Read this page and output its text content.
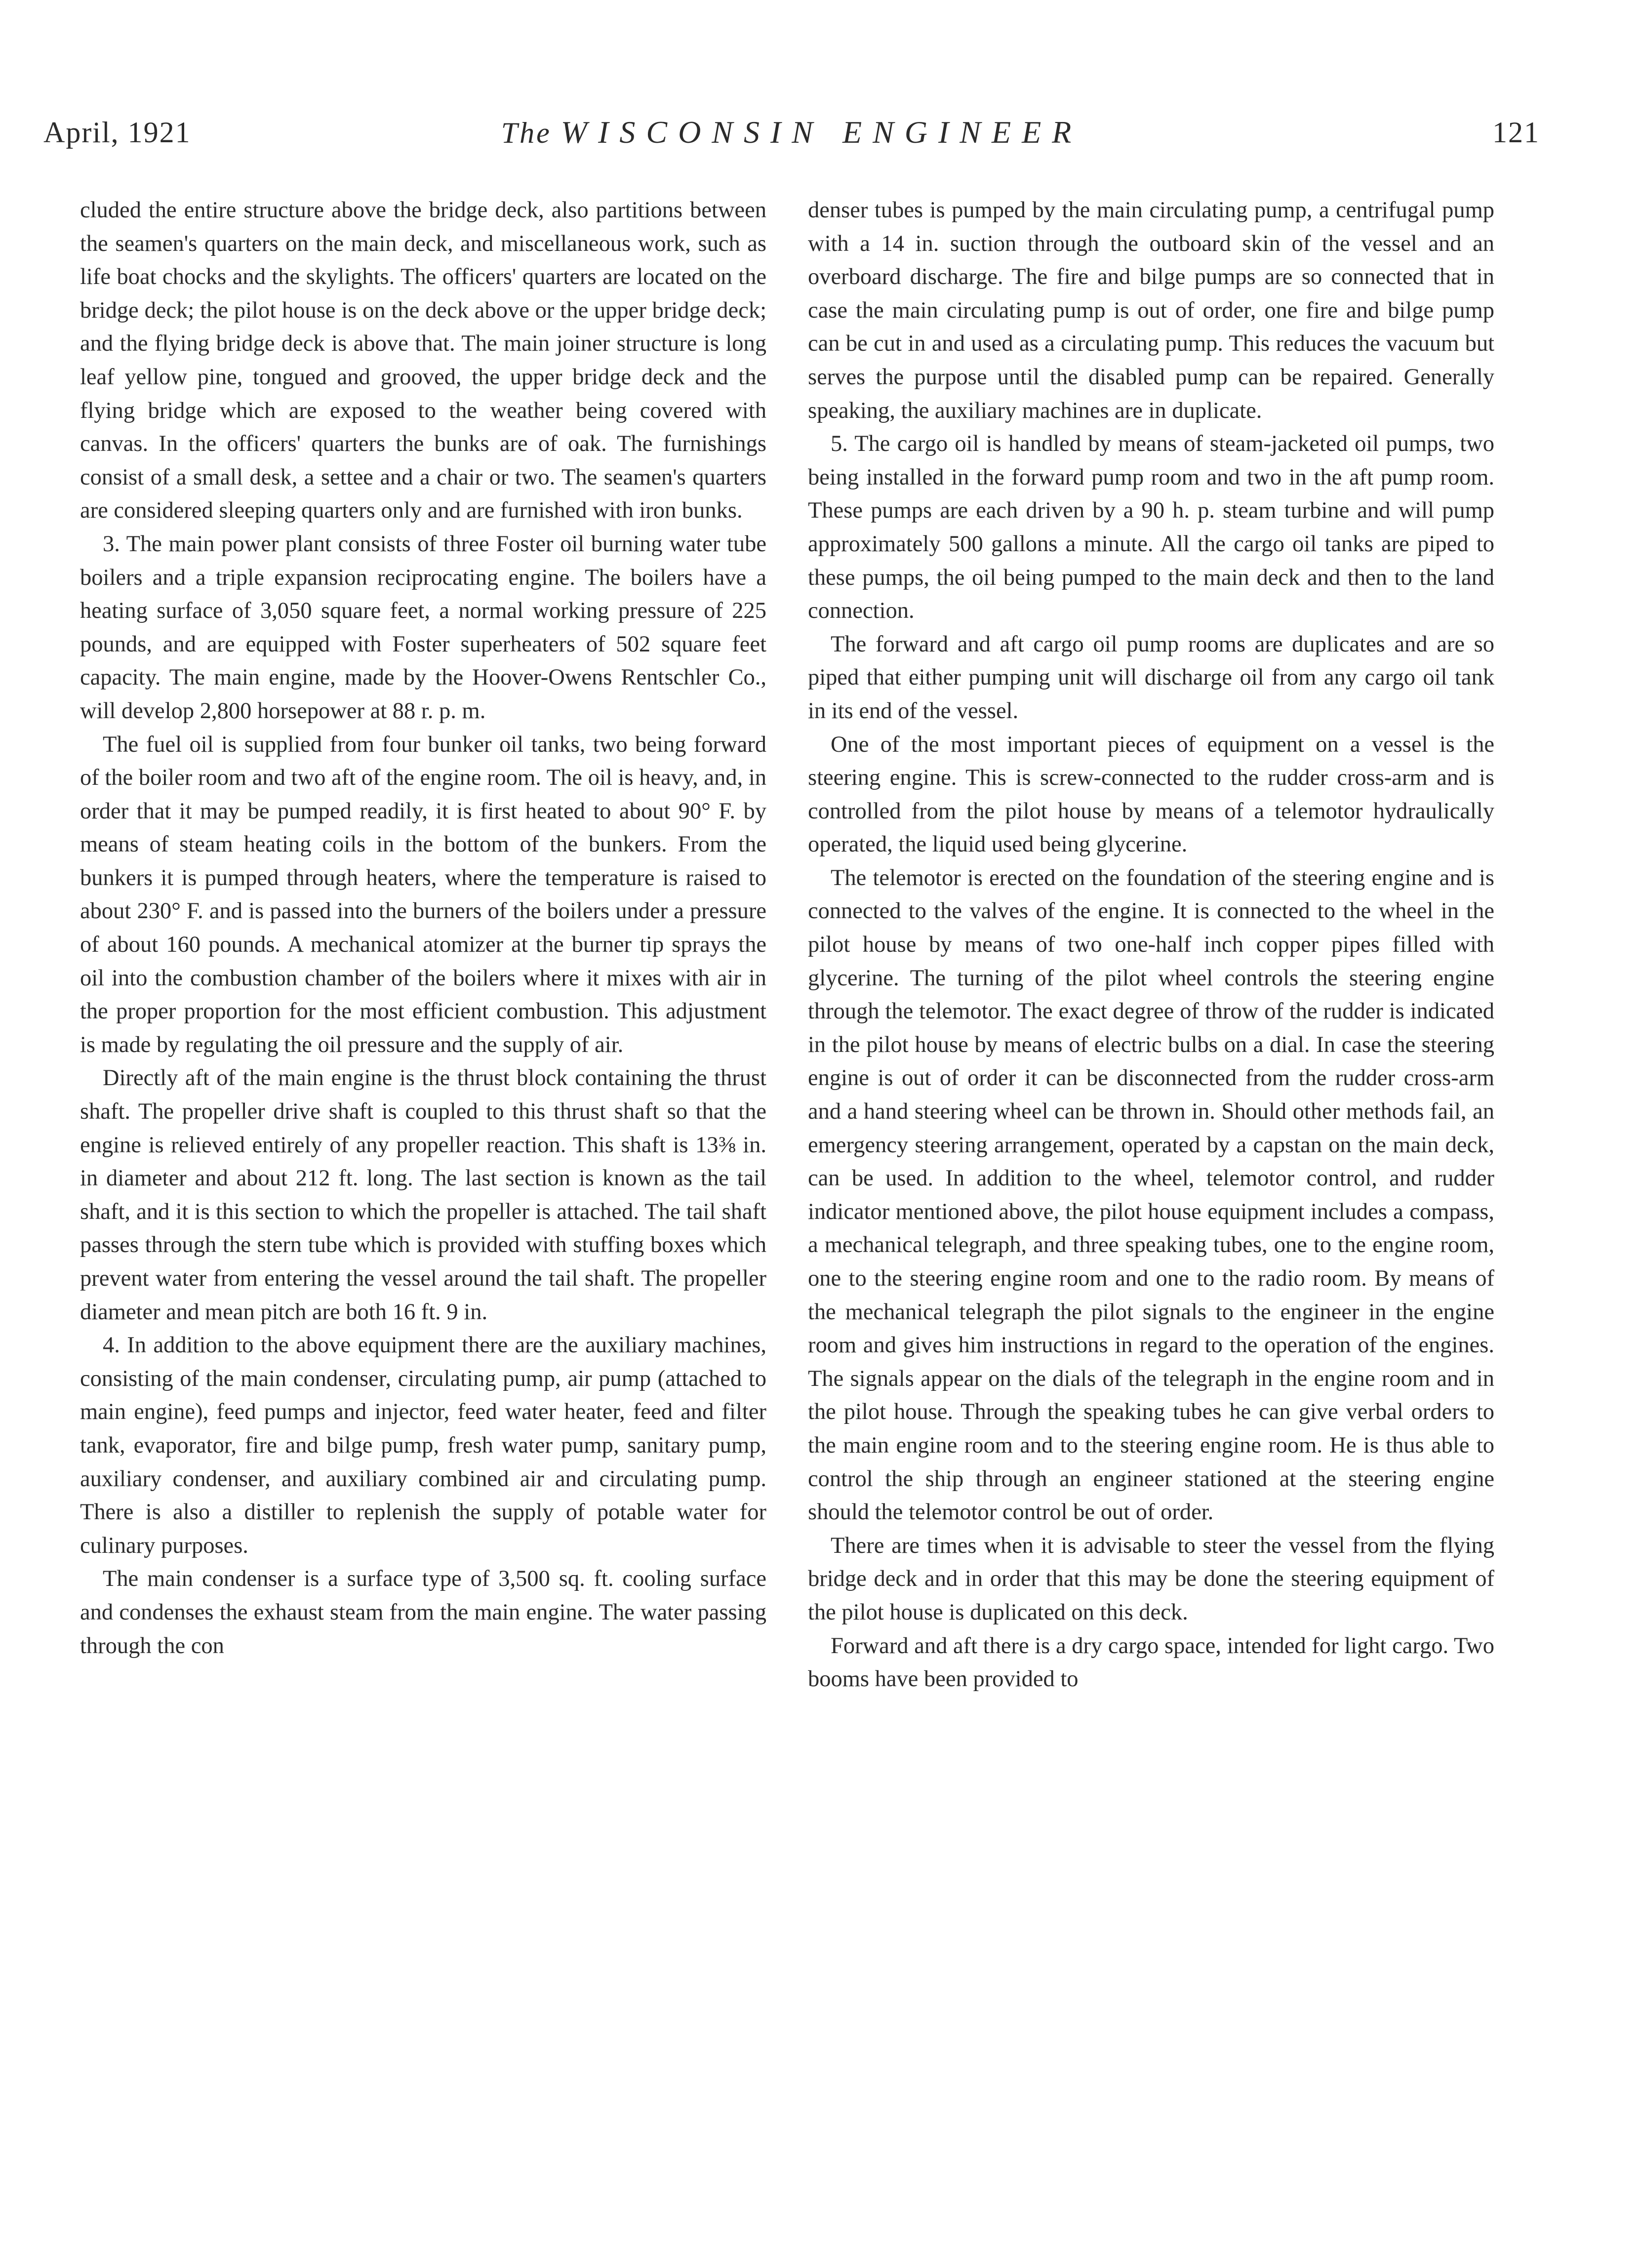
April, 1921	The WISCONSIN ENGINEER	121

cluded the entire structure above the bridge deck, also partitions between the seamen's quarters on the main deck, and miscellaneous work, such as life boat chocks and the skylights. The officers' quarters are located on the bridge deck; the pilot house is on the deck above or the upper bridge deck; and the flying bridge deck is above that. The main joiner structure is long leaf yellow pine, tongued and grooved, the upper bridge deck and the flying bridge which are exposed to the weather being covered with canvas. In the officers' quarters the bunks are of oak. The furnishings consist of a small desk, a settee and a chair or two. The seamen's quarters are considered sleeping quarters only and are furnished with iron bunks.

3. The main power plant consists of three Foster oil burning water tube boilers and a triple expansion reciprocating engine. The boilers have a heating surface of 3,050 square feet, a normal working pressure of 225 pounds, and are equipped with Foster superheaters of 502 square feet capacity. The main engine, made by the Hoover-Owens Rentschler Co., will develop 2,800 horsepower at 88 r. p. m.

The fuel oil is supplied from four bunker oil tanks, two being forward of the boiler room and two aft of the engine room. The oil is heavy, and, in order that it may be pumped readily, it is first heated to about 90° F. by means of steam heating coils in the bottom of the bunkers. From the bunkers it is pumped through heaters, where the temperature is raised to about 230° F. and is passed into the burners of the boilers under a pressure of about 160 pounds. A mechanical atomizer at the burner tip sprays the oil into the combustion chamber of the boilers where it mixes with air in the proper proportion for the most efficient combustion. This adjustment is made by regulating the oil pressure and the supply of air.

Directly aft of the main engine is the thrust block containing the thrust shaft. The propeller drive shaft is coupled to this thrust shaft so that the engine is relieved entirely of any propeller reaction. This shaft is 13⅜ in. in diameter and about 212 ft. long. The last section is known as the tail shaft, and it is this section to which the propeller is attached. The tail shaft passes through the stern tube which is provided with stuffing boxes which prevent water from entering the vessel around the tail shaft. The propeller diameter and mean pitch are both 16 ft. 9 in.

4. In addition to the above equipment there are the auxiliary machines, consisting of the main condenser, circulating pump, air pump (attached to main engine), feed pumps and injector, feed water heater, feed and filter tank, evaporator, fire and bilge pump, fresh water pump, sanitary pump, auxiliary condenser, and auxiliary combined air and circulating pump. There is also a distiller to replenish the supply of potable water for culinary purposes.

The main condenser is a surface type of 3,500 sq. ft. cooling surface and condenses the exhaust steam from the main engine. The water passing through the con

denser tubes is pumped by the main circulating pump, a centrifugal pump with a 14 in. suction through the outboard skin of the vessel and an overboard discharge. The fire and bilge pumps are so connected that in case the main circulating pump is out of order, one fire and bilge pump can be cut in and used as a circulating pump. This reduces the vacuum but serves the purpose until the disabled pump can be repaired. Generally speaking, the auxiliary machines are in duplicate.

5. The cargo oil is handled by means of steam-jacketed oil pumps, two being installed in the forward pump room and two in the aft pump room. These pumps are each driven by a 90 h. p. steam turbine and will pump approximately 500 gallons a minute. All the cargo oil tanks are piped to these pumps, the oil being pumped to the main deck and then to the land connection.

The forward and aft cargo oil pump rooms are duplicates and are so piped that either pumping unit will discharge oil from any cargo oil tank in its end of the vessel.

One of the most important pieces of equipment on a vessel is the steering engine. This is screw-connected to the rudder cross-arm and is controlled from the pilot house by means of a telemotor hydraulically operated, the liquid used being glycerine.

The telemotor is erected on the foundation of the steering engine and is connected to the valves of the engine. It is connected to the wheel in the pilot house by means of two one-half inch copper pipes filled with glycerine. The turning of the pilot wheel controls the steering engine through the telemotor. The exact degree of throw of the rudder is indicated in the pilot house by means of electric bulbs on a dial. In case the steering engine is out of order it can be disconnected from the rudder cross-arm and a hand steering wheel can be thrown in. Should other methods fail, an emergency steering arrangement, operated by a capstan on the main deck, can be used. In addition to the wheel, telemotor control, and rudder indicator mentioned above, the pilot house equipment includes a compass, a mechanical telegraph, and three speaking tubes, one to the engine room, one to the steering engine room and one to the radio room. By means of the mechanical telegraph the pilot signals to the engineer in the engine room and gives him instructions in regard to the operation of the engines. The signals appear on the dials of the telegraph in the engine room and in the pilot house. Through the speaking tubes he can give verbal orders to the main engine room and to the steering engine room. He is thus able to control the ship through an engineer stationed at the steering engine should the telemotor control be out of order.

There are times when it is advisable to steer the vessel from the flying bridge deck and in order that this may be done the steering equipment of the pilot house is duplicated on this deck.

Forward and aft there is a dry cargo space, intended for light cargo. Two booms have been provided to
